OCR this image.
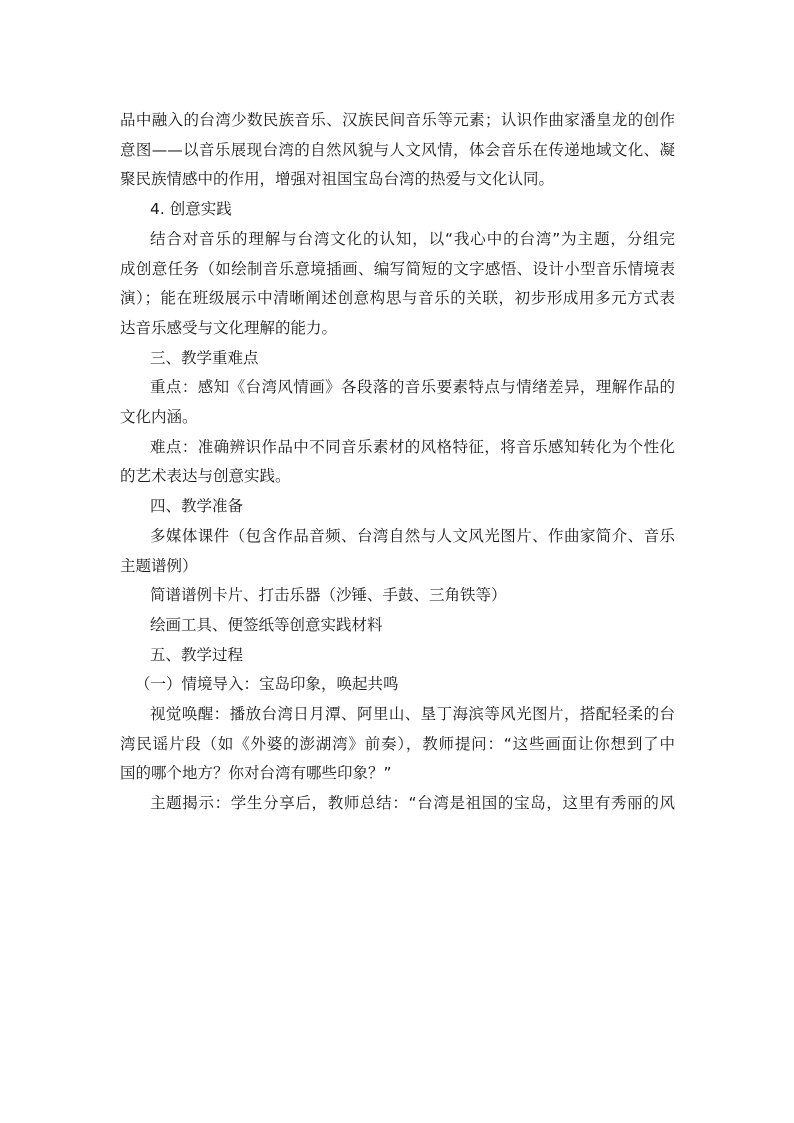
品中融入的台湾少数民族音乐、汉族民间音乐等元素；认识作曲家潘皇龙的创作
意图——以音乐展现台湾的自然风貌与人文风情，体会音乐在传递地域文化、凝
聚民族情感中的作用，增强对祖国宝岛台湾的热爱与文化认同。
4. 创意实践
结合对音乐的理解与台湾文化的认知，以“我心中的台湾”为主题，分组完
成创意任务（如绘制音乐意境插画、编写简短的文字感悟、设计小型音乐情境表
演）；能在班级展示中清晰阐述创意构思与音乐的关联，初步形成用多元方式表
达音乐感受与文化理解的能力。
三、教学重难点
重点：感知《台湾风情画》各段落的音乐要素特点与情绪差异，理解作品的
文化内涵。
难点：准确辨识作品中不同音乐素材的风格特征，将音乐感知转化为个性化
的艺术表达与创意实践。
四、教学准备
多媒体课件（包含作品音频、台湾自然与人文风光图片、作曲家简介、音乐
主题谱例）
简谱谱例卡片、打击乐器（沙锤、手鼓、三角铁等）
绘画工具、便签纸等创意实践材料
五、教学过程
（一）情境导入：宝岛印象，唤起共鸣
视觉唤醒：播放台湾日月潭、阿里山、垦丁海滨等风光图片，搭配轻柔的台
湾民谣片段（如《外婆的澎湖湾》前奏），教师提问：“这些画面让你想到了中
国的哪个地方？你对台湾有哪些印象？”
主题揭示：学生分享后，教师总结：“台湾是祖国的宝岛，这里有秀丽的风
